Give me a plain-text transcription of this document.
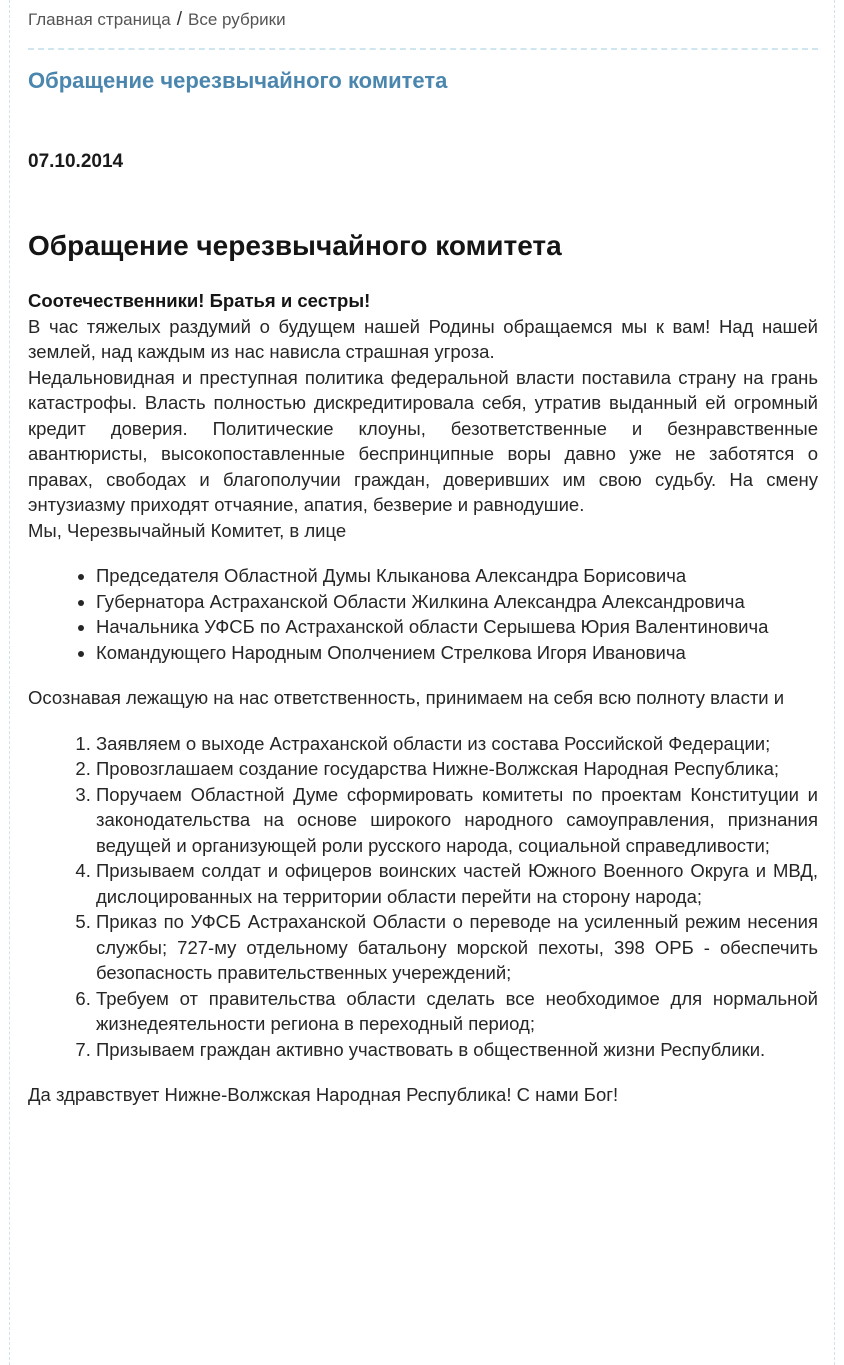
Главная страница / Все рубрики
Обращение черезвычайного комитета
07.10.2014
Обращение черезвычайного комитета

Соотечественники! Братья и сестры!

В час тяжелых раздумий о будущем нашей Родины обращаемся мы к вам! Над нашей землей, над каждым из нас нависла страшная угроза.

Недальновидная и преступная политика федеральной власти поставила страну на грань катастрофы. Власть полностью дискредитировала себя, утратив выданный ей огромный кредит доверия. Политические клоуны, безответственные и безнравственные авантюристы, высокопоставленные беспринципные воры давно уже не заботятся о правах, свободах и благополучии граждан, доверивших им свою судьбу. На смену энтузиазму приходят отчаяние, апатия, безверие и равнодушие.

Мы, Черезвычайный Комитет, в лице

• Председателя Областной Думы Клыканова Александра Борисовича
• Губернатора Астраханской Области Жилкина Александра Александровича
• Начальника УФСБ по Астраханской области Серышева Юрия Валентиновича
• Командующего Народным Ополчением Стрелкова Игоря Ивановича

Осознавая лежащую на нас ответственность, принимаем на себя всю полноту власти и

1. Заявляем о выходе Астраханской области из состава Российской Федерации;
2. Провозглашаем создание государства Нижне-Волжская Народная Республика;
3. Поручаем Областной Думе сформировать комитеты по проектам Конституции и законодательства на основе широкого народного самоуправления, признания ведущей и организующей роли русского народа, социальной справедливости;
4. Призываем солдат и офицеров воинских частей Южного Военного Округа и МВД, дислоцированных на территории области перейти на сторону народа;
5. Приказ по УФСБ Астраханской Области о переводе на усиленный режим несения службы; 727-му отдельному батальону морской пехоты, 398 ОРБ - обеспечить безопасность правительственных учереждений;
6. Требуем от правительства области сделать все необходимое для нормальной жизнедеятельности региона в переходный период;
7. Призываем граждан активно участвовать в общественной жизни Республики.

Да здравствует Нижне-Волжская Народная Республика! С нами Бог!
